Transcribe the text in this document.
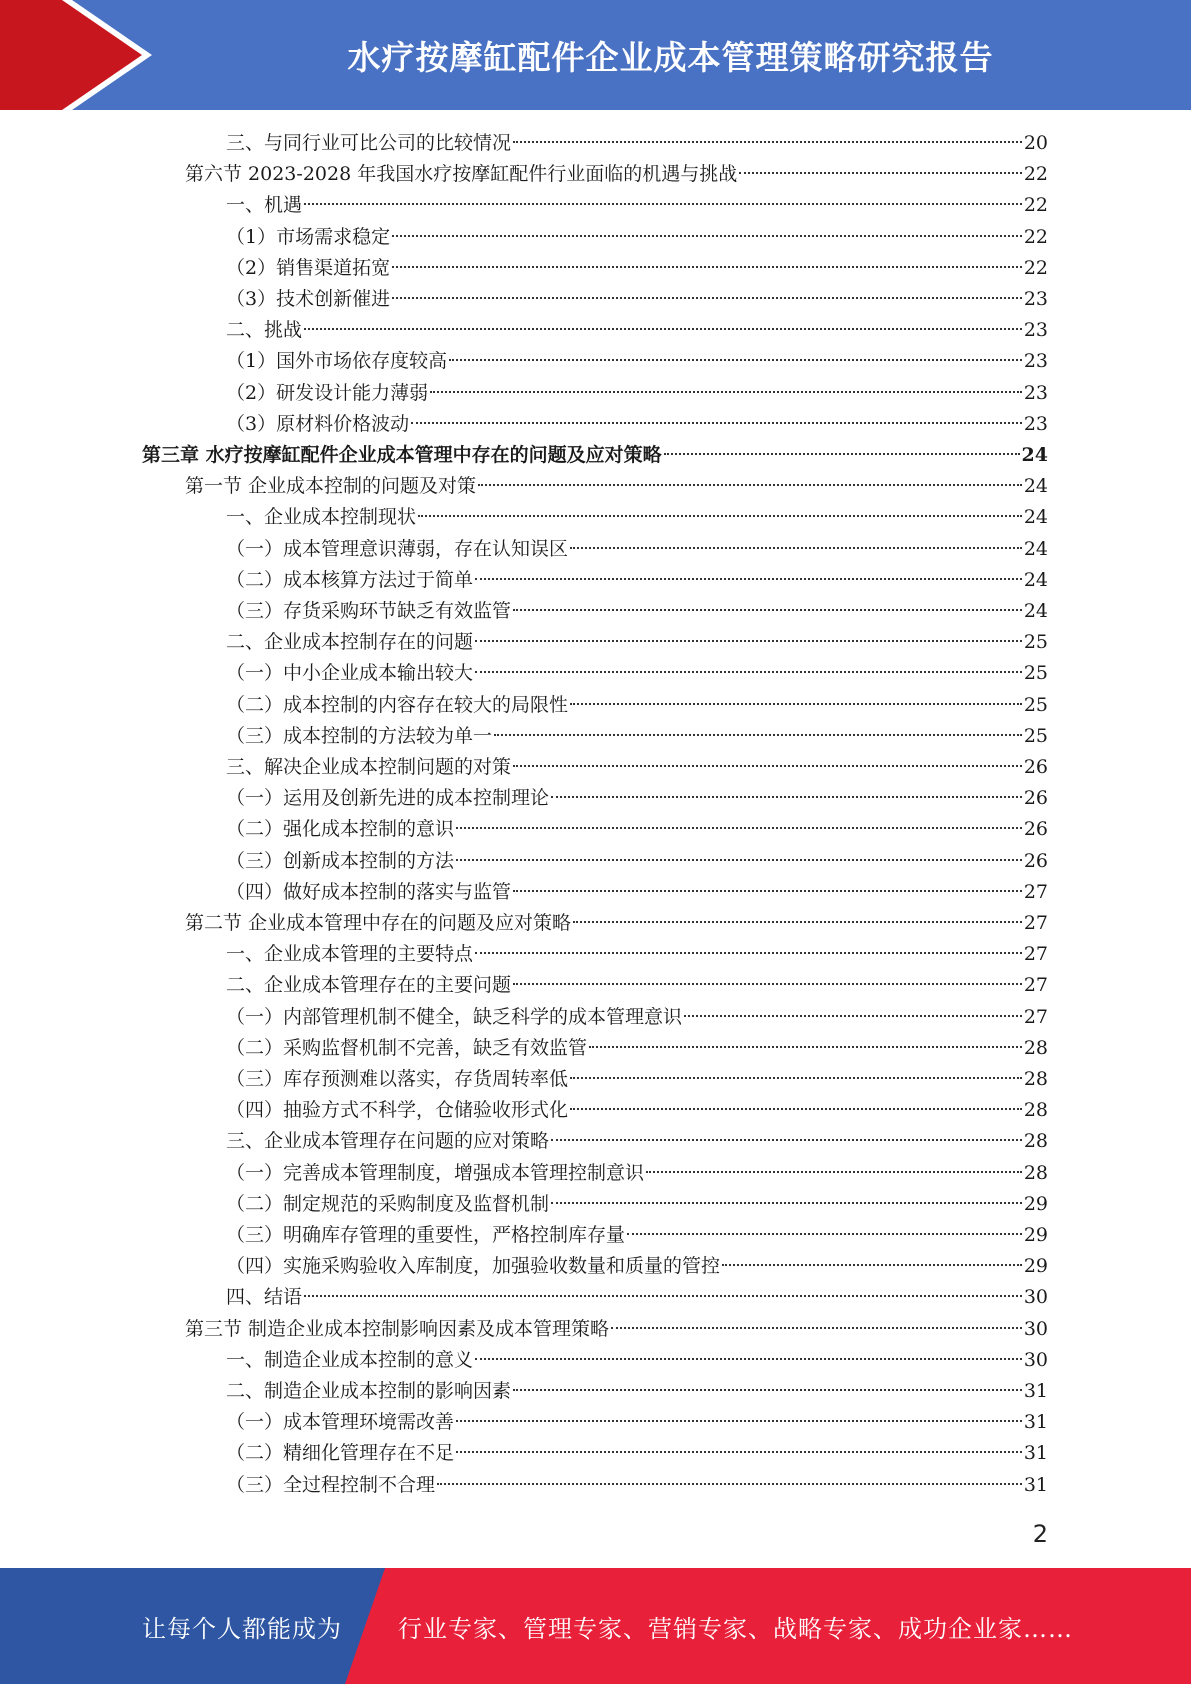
水疗按摩缸配件企业成本管理策略研究报告
三、与同行业可比公司的比较情况	20
第六节 2023-2028 年我国水疗按摩缸配件行业面临的机遇与挑战	22
一、机遇	22
（1）市场需求稳定	22
（2）销售渠道拓宽	22
（3）技术创新催进	23
二、挑战	23
（1）国外市场依存度较高	23
（2）研发设计能力薄弱	23
（3）原材料价格波动	23
第三章 水疗按摩缸配件企业成本管理中存在的问题及应对策略	24
第一节 企业成本控制的问题及对策	24
一、企业成本控制现状	24
（一）成本管理意识薄弱，存在认知误区	24
（二）成本核算方法过于简单	24
（三）存货采购环节缺乏有效监管	24
二、企业成本控制存在的问题	25
（一）中小企业成本输出较大	25
（二）成本控制的内容存在较大的局限性	25
（三）成本控制的方法较为单一	25
三、解决企业成本控制问题的对策	26
（一）运用及创新先进的成本控制理论	26
（二）强化成本控制的意识	26
（三）创新成本控制的方法	26
（四）做好成本控制的落实与监管	27
第二节 企业成本管理中存在的问题及应对策略	27
一、企业成本管理的主要特点	27
二、企业成本管理存在的主要问题	27
（一）内部管理机制不健全，缺乏科学的成本管理意识	27
（二）采购监督机制不完善，缺乏有效监管	28
（三）库存预测难以落实，存货周转率低	28
（四）抽验方式不科学，仓储验收形式化	28
三、企业成本管理存在问题的应对策略	28
（一）完善成本管理制度，增强成本管理控制意识	28
（二）制定规范的采购制度及监督机制	29
（三）明确库存管理的重要性，严格控制库存量	29
（四）实施采购验收入库制度，加强验收数量和质量的管控	29
四、结语	30
第三节 制造企业成本控制影响因素及成本管理策略	30
一、制造企业成本控制的意义	30
二、制造企业成本控制的影响因素	31
（一）成本管理环境需改善	31
（二）精细化管理存在不足	31
（三）全过程控制不合理	31
2
让每个人都能成为 行业专家、管理专家、营销专家、战略专家、成功企业家……
